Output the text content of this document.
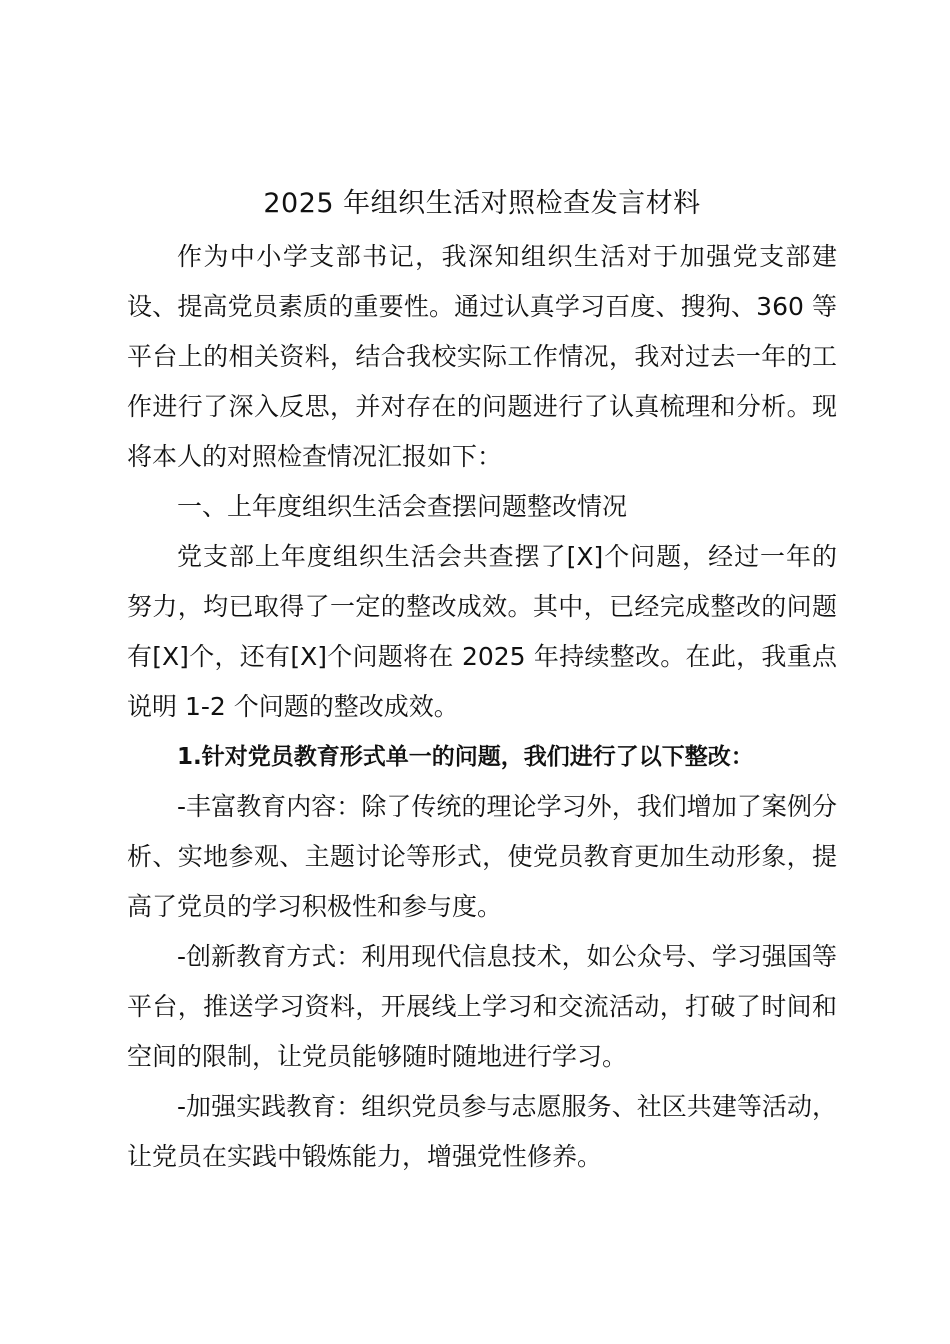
2025 年组织生活对照检查发言材料

作为中小学支部书记，我深知组织生活对于加强党支部建设、提高党员素质的重要性。通过认真学习百度、搜狗、360 等平台上的相关资料，结合我校实际工作情况，我对过去一年的工作进行了深入反思，并对存在的问题进行了认真梳理和分析。现将本人的对照检查情况汇报如下：

一、上年度组织生活会查摆问题整改情况

党支部上年度组织生活会共查摆了[X]个问题，经过一年的努力，均已取得了一定的整改成效。其中，已经完成整改的问题有[X]个，还有[X]个问题将在 2025 年持续整改。在此，我重点说明 1-2 个问题的整改成效。

1.针对党员教育形式单一的问题，我们进行了以下整改：

-丰富教育内容：除了传统的理论学习外，我们增加了案例分析、实地参观、主题讨论等形式，使党员教育更加生动形象，提高了党员的学习积极性和参与度。

-创新教育方式：利用现代信息技术，如公众号、学习强国等平台，推送学习资料，开展线上学习和交流活动，打破了时间和空间的限制，让党员能够随时随地进行学习。

-加强实践教育：组织党员参与志愿服务、社区共建等活动，让党员在实践中锻炼能力，增强党性修养。
